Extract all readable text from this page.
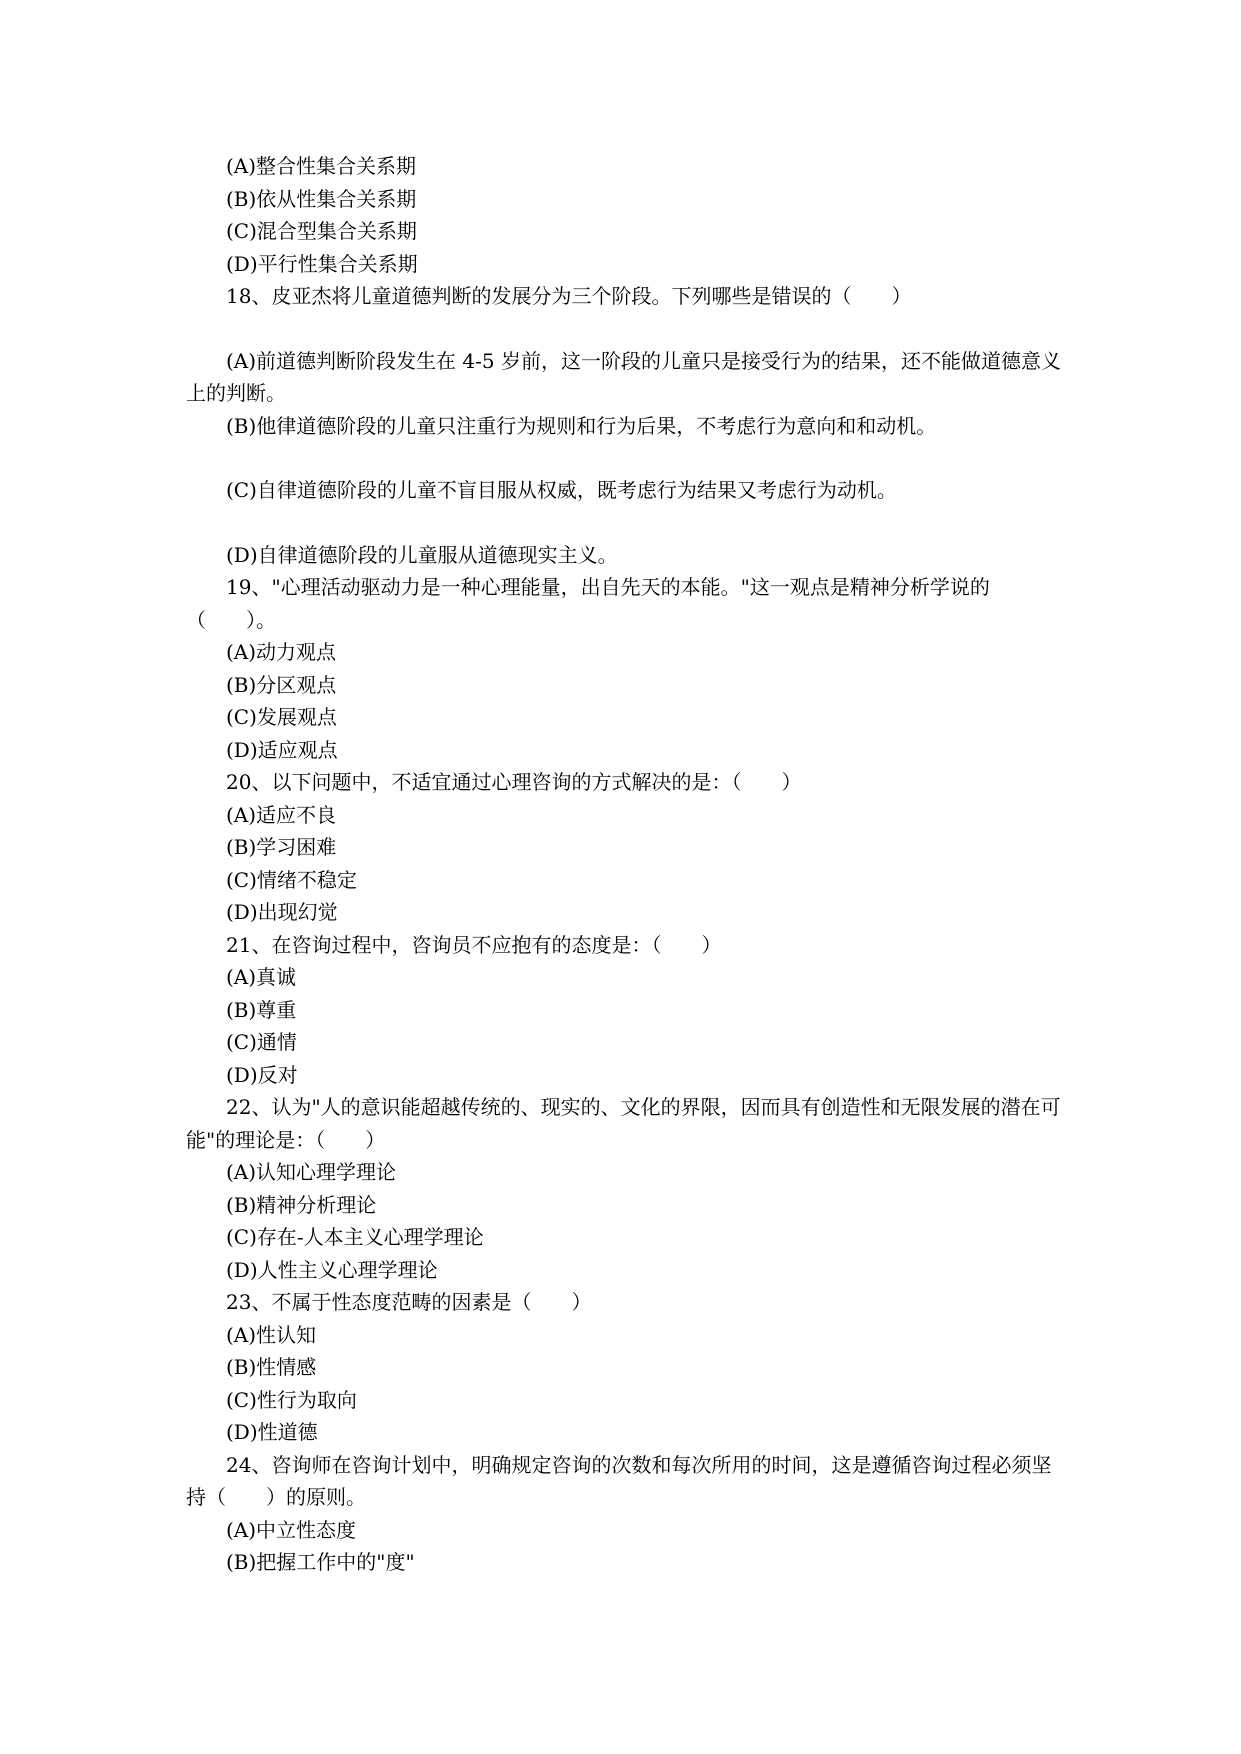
(A)整合性集合关系期
(B)依从性集合关系期
(C)混合型集合关系期
(D)平行性集合关系期
18、皮亚杰将儿童道德判断的发展分为三个阶段。下列哪些是错误的（　　）
(A)前道德判断阶段发生在 4-5 岁前，这一阶段的儿童只是接受行为的结果，还不能做道德意义上的判断。
(B)他律道德阶段的儿童只注重行为规则和行为后果，不考虑行为意向和和动机。
(C)自律道德阶段的儿童不盲目服从权威，既考虑行为结果又考虑行为动机。
(D)自律道德阶段的儿童服从道德现实主义。
19、"心理活动驱动力是一种心理能量，出自先天的本能。"这一观点是精神分析学说的（　　）。
(A)动力观点
(B)分区观点
(C)发展观点
(D)适应观点
20、以下问题中，不适宜通过心理咨询的方式解决的是：（　　）
(A)适应不良
(B)学习困难
(C)情绪不稳定
(D)出现幻觉
21、在咨询过程中，咨询员不应抱有的态度是：（　　）
(A)真诚
(B)尊重
(C)通情
(D)反对
22、认为"人的意识能超越传统的、现实的、文化的界限，因而具有创造性和无限发展的潜在可能"的理论是：（　　）
(A)认知心理学理论
(B)精神分析理论
(C)存在-人本主义心理学理论
(D)人性主义心理学理论
23、不属于性态度范畴的因素是（　　）
(A)性认知
(B)性情感
(C)性行为取向
(D)性道德
24、咨询师在咨询计划中，明确规定咨询的次数和每次所用的时间，这是遵循咨询过程必须坚持（　　）的原则。
(A)中立性态度
(B)把握工作中的"度"
